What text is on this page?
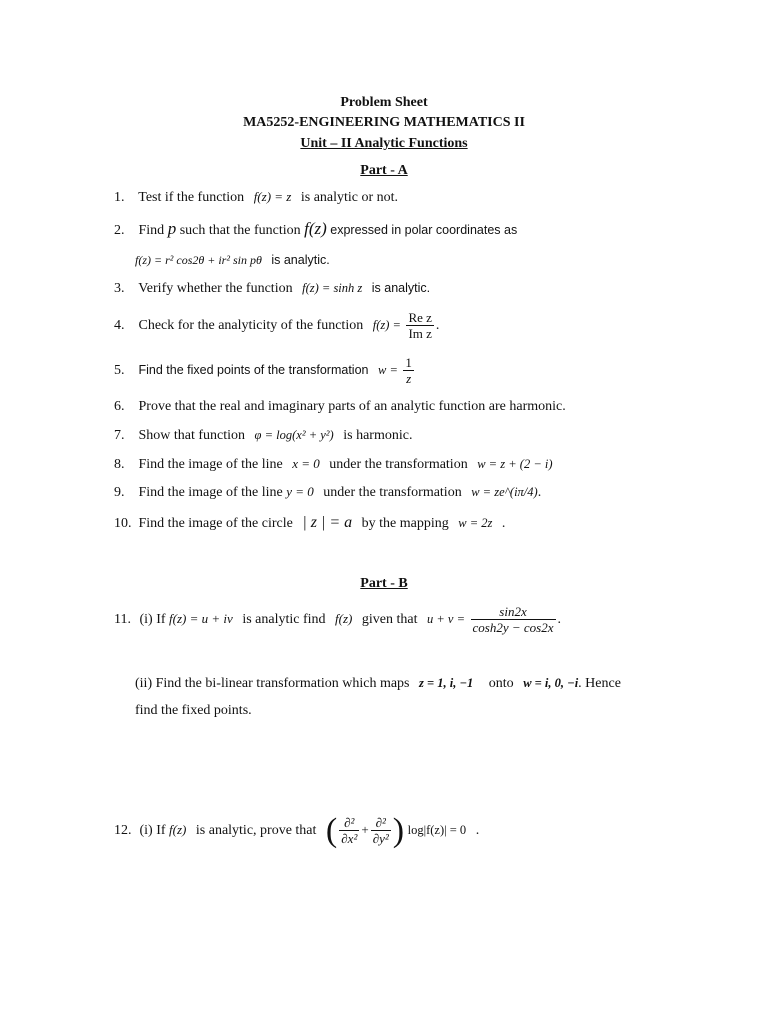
Problem Sheet
MA5252-ENGINEERING MATHEMATICS II
Unit – II Analytic Functions
Part - A
1. Test if the function f(z) = z is analytic or not.
2. Find p such that the function f(z) expressed in polar coordinates as
f(z) = r² cos2θ + ir² sin pθ is analytic.
3. Verify whether the function f(z) = sinh z is analytic.
4. Check for the analyticity of the function $f(z) = \frac{\text{Re z}}{\text{Im z}}$ .
5. Find the fixed points of the transformation $w = \frac{1}{z}$
6. Prove that the real and imaginary parts of an analytic function are harmonic.
7. Show that function φ = log(x² + y²) is harmonic.
8. Find the image of the line x = 0 under the transformation w = z + (2 − i)
9. Find the image of the line y = 0 under the transformation w = ze^(iπ/4).
10. Find the image of the circle | z | = a by the mapping w = 2z .
Part - B
11. (i) If f(z) = u + iv is analytic find f(z) given that $u + v = \frac{\sin 2x}{\cosh 2y - \cos 2x}$ .
(ii) Find the bi-linear transformation which maps z = 1, i, −1 onto w = i, 0, −i. Hence
find the fixed points.
12. (i) If f(z) is analytic, prove that ( $\frac{\text{∂²}}{\text{∂x²}} + \frac{\text{∂²}}{\text{∂y²}}$ ) log|f(z)| = 0 .
